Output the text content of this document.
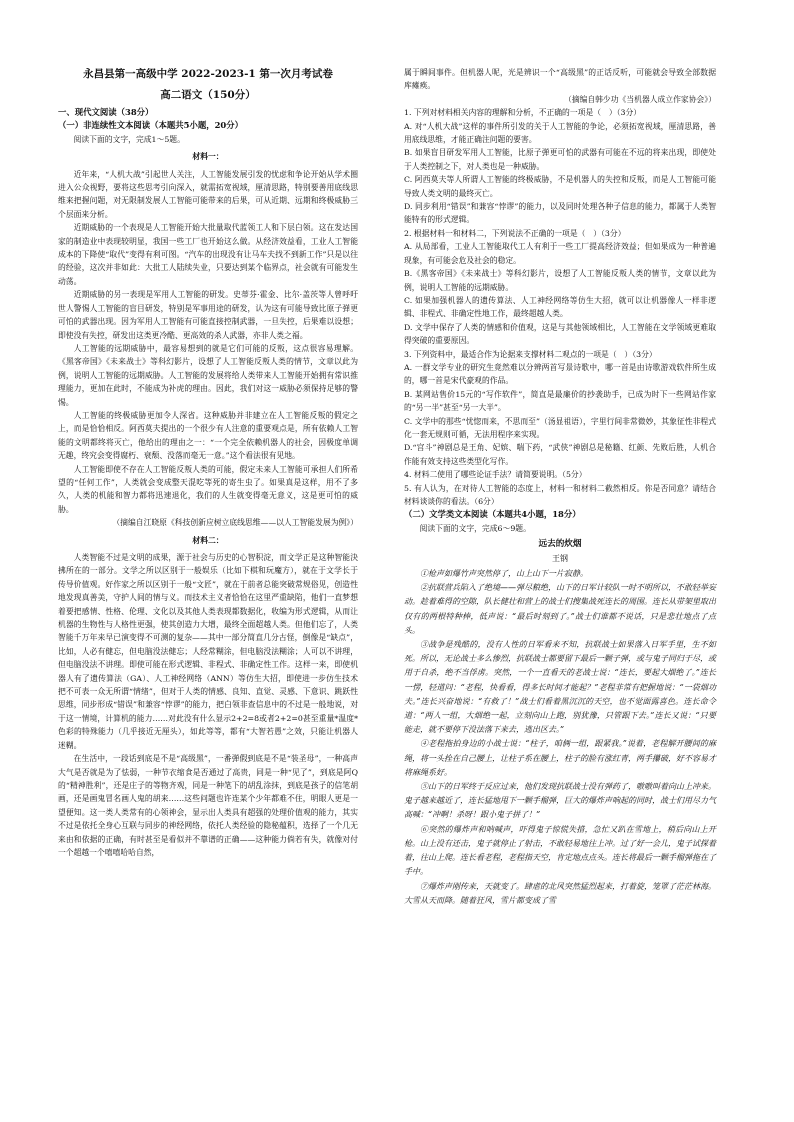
永昌县第一高级中学 2022-2023-1 第一次月考试卷

高二语文（150分）

一、现代文阅读（38分）

（一）非连续性文本阅读（本题共5小题，20分）

阅读下面的文字，完成1～5题。

材料一：

近年来，“人机大战”引起世人关注，人工智能发展引发的忧虑和争论开始从学术圈进入公众视野，要将这些思考引向深入，就需拓宽视域，厘清思路，特别要善用底线思维来把握问题，对无限制发展人工智能可能带来的后果，可从近期、远期和终极威胁三个层面来分析。

近期威胁的一个表现是人工智能开始大批量取代蓝领工人和下层白领。这在发达国家的制造业中表现较明显，我国一些工厂也开始这么做。从经济效益看，工业人工智能成本的下降使“取代”变得有利可图。“汽车的出现没有让马车夫找不到新工作”只是以往的经验，这次并非如此：大批工人陆续失业，只要达到某个临界点，社会就有可能发生动荡。

近期威胁的另一表现是军用人工智能的研发。史蒂芬·霍金、比尔·盖茨等人曾呼吁世人警惕人工智能的盲目研发，特别是军事用途的研发，认为这有可能导致比原子弹更可怕的武器出现。因为军用人工智能有可能直接控制武器，一旦失控，后果难以设想；即使没有失控，研发出这类更冷酷、更高效的杀人武器，亦非人类之福。

人工智能的远期威胁中，最容易想到的就是它们可能的反叛，这点很容易理解。《黑客帝国》《未来战士》等科幻影片，设想了人工智能反叛人类的情节，文章以此为例，说明人工智能的远期威胁。人工智能的发展将给人类带来人工智能开始拥有常识推理能力，更加在此时，不能成为补虎的理由。因此，我们对这一威胁必须保持足够的警惕。

人工智能的终极威胁更加令人深省。这种威胁并非建立在人工智能反叛的假定之上，而是恰恰相反。阿西莫夫提出的一个很少有人注意的重要观点是，所有依赖人工智能的文明都终将灭亡，他给出的理由之一：“一个完全依赖机器人的社会，因极度单调无趣，终究会变得腐朽、衰颓、没落而毫无一意。”这个看法很有见地。

人工智能即使不存在人工智能反叛人类的可能，假定未来人工智能可承担人们所希望的“任何工作”，人类就会变成整天混吃等死的寄生虫了。如果真是这样，用不了多久，人类的机能和智力都将迅速退化，我们的人生就变得毫无意义，这是更可怕的威胁。

（摘编自江晓原《科技创新应树立底线思维——以人工智能发展为例》）

材料二：

人类智能不过是文明的成果，源于社会与历史的心智积淀，而文学正是这种智能決拂所在的一部分。文学之所以区别于一般娱乐（比如下棋和玩魔方），就在于文学长于传导价值观。好作家之所以区别于一般“文匠”，就在于前者总能突破常规俗见，创造性地发现真善美，守护人间的情与义。而技术主义者恰恰在这里严重缺陷，他们一直梦想着要把感情、性格、伦理、文化以及其他人类表现都数据化，收编为形式逻辑，从而让机器的生物性与人格性更强，使其创造力大增，最终全面超越人类。但他们忘了，人类智能千万年来早已演变得不可测的复杂——其中一部分简直几分古怪，倒像是“缺点”，比如，人必有健忘，但电脑没法健忘；人经常糊涂，但电脑没法糊涂；人可以不讲理，但电脑没法不讲理。即使可能在形式逻辑、非程式、非确定性工作。这样一来，即使机器人有了遗传算法（GA）、人工神经网络（ANN）等仿生大招，即使进一步仿生技术把不可表一众无所谓“情绪”，但对于人类的情感、良知、直觉、灵感、下意识、跳跃性思维，同步形成“错误”和兼容“悖谬”的能力，把白领非查信息中的不过是一般地说，对于这一情境，计算机的能力……对此没有什么显示2+2=8或者2+2=0甚至重量*温度*色彩的特殊能力（几乎接近无厘头），如此等等，都有“大智若愚”之效，只能让机器人迷糊。

在生活中，一段话到底是不是“高级黑”，一番弹假到底是不是“装圣母”，一种高声大气是否就是为了怯弱，一种节衣缩食是否通过了高贵，同是一种“见了”，到底是阿Q的“精神胜利”，还是庄子的等物齐观，同是一种笔下的胡乱涂抹，到底是孩子的信笔胡画，还是画鬼冒名画人鬼的胡来……这些问题也许连某个少年都难不住，明眼人更是一望便知。这一类人类常有的心领神会，显示出人类具有超强的处理价值观的能力，其实不过是依托全身心互联与同步的神经网络，依托人类经验的隐秘蕴积，选择了一个几无来由和依据的正确，有时甚至是看似并不靠谱的正确——这种能力倘若有失，就像对付一个超越一个嘻嘻哈哈自然，

属于瞬间事件。但机器人呢，光是辨识一个“高级黑”的正话反听，可能就会导致全部数据库瘫痪。

（摘编自韩少功《当机器人成立作家协会》）

1. 下列对材料相关内容的理解和分析，不正确的一项是（　）（3分）

A. 对“人机大战”这样的事件所引发的关于人工智能的争论，必须拓宽视域，厘清思路，善用底线思维，才能正确注问题的要害。

B. 如果盲目研发军用人工智能，比原子弹更可怕的武器有可能在不远的将来出现，即使处于人类控制之下，对人类也是一种威胁。

C. 阿西莫夫等人所谓人工智能的终极威胁，不是机器人的失控和反叛，而是人工智能可能导致人类文明的最终灭亡。

D. 同步利用“错误”和兼容“悖谬”的能力，以及同时处理各种子信息的能力，都属于人类智能特有的形式逻辑。

2. 根据材料一和材料二，下列说法不正确的一项是（　）（3分）

A. 从局部看，工业人工智能取代工人有利于一些工厂提高经济效益；但如果成为一种普遍现象，有可能会危及社会的稳定。

B.《黑客帝国》《未来战士》等科幻影片，设想了人工智能反叛人类的情节，文章以此为例，说明人工智能的远期威胁。

C. 如果加强机器人的遗传算法、人工神经网络等仿生大招，就可以让机器像人一样非逻辑、非程式、非确定性地工作，最终超越人类。

D. 文学中保存了人类的情感和价值观，这是与其他领域相比，人工智能在文学领域更难取得突破的重要原因。

3. 下列资料中，最适合作为论据来支撑材料二观点的一项是（　）（3分）

A. 一群文学专业的研究生竟然难以分辨两首写景诗歌中，哪一首是由诗歌游戏软件所生成的，哪一首是宋代豪观的作品。

B. 某网站售价15元的“写作软件”，简直是最廉价的抄袭助手，已成为时下一些网站作家的“另一半”甚至“另一大半”。

C. 文学中的那些“忧惚而来，不思而至”（汤显祖语），字里行间非常微妙，其象征性非程式化一套无规则可循，无法用程序来实现。

D.“宫斗”神剧总是王角、妃嫔、喘下药，“武侠”神剧总是秘籍、红颜、先败后胜，人机合作能有效支持这些类型化写作。

4. 材料二使用了哪些论证手法？请简要说明。（5分）

5. 有人认为，在对待人工智能的态度上，材料一和材料二截然相反。你是否同意？请结合材料谈谈你的看法。（6分）

（二）文学类文本阅读（本题共4小题，18分）

阅读下面的文字，完成6～9题。

远去的炊烟

王钢

①枪声如爆竹声突然停了，山上山下一片寂静。

②抗联营兵陷入了绝境——弹尽粮绝，山下的日军计较队一时不明所以，不敢轻举妄动。趁着难得的空隙，队长健壮和营上的战士们搜集战死连长的周围。连长从带架里取出仅有的两根特种棒，低声说：“最后时刻到了。”战士们谁都不说话，只是悲壮地点了点头。

③战争是残酷的，没有人性的日军看来不知，抗联战士如果落入日军手里，生不如死。所以，无论战士多么惨烈，抗联战士都要留下最后一颗子弹，或与鬼子同归于尽，或用于自杀，绝不当俘虏。突然，一个一直看天的老战士说：“连长，要起大烟绝了。”连长一愣，轻道问：“老程，快看看，得多长时间才能起？”老程非常有把握地说：“一袋烟功夫。”连长兴奋地说：“有救了！”战士们看着黑沉沉的天空，也不觉面露喜色。连长命令道：“两人一组，大烟绝一起，立刻向山上跑，别犹豫，只管跟下去。”连长又说：“只要能走，就不要停下没法落下来去，逃出区去。”

④老程拖拍身边的小战士说：“柱子，咱俩一组，跟紧我。”说着，老程解开腰间的麻绳，将一头拴在自己腰上，让柱子系在腰上，柱子的脸有涨红青，两手攥破，好不容易才将麻绳系好。

⑤山下的日军终于反应过来，他们发现抗联战士没有弹药了，嗷嗷叫着向山上冲来。鬼子越来越近了，连长猛地甩下一颗手榴弹，巨大的爆炸声响起的同时，战士们用尽力气高喊：“冲啊！杀呀！跟小鬼子拼了！”

⑥突然的爆炸声和呐喊声，吓得鬼子惊慌失措，急忙又趴在雪地上，稍后向山上开枪。山上没有还击，鬼子就停止了射击，不敢轻易地往上冲。过了好一会儿，鬼子试探着着，往山上爬。连长看老程，老程指天空，肯定地点点头。连长将最后一颗手榴弹拖在了手中。

⑦爆炸声刚传来，天就变了。肆虐的北风突然猛烈起来，打着旋，笼罩了茫茫林海。大雪从天而降。随着狂风，雪片都变成了雪
